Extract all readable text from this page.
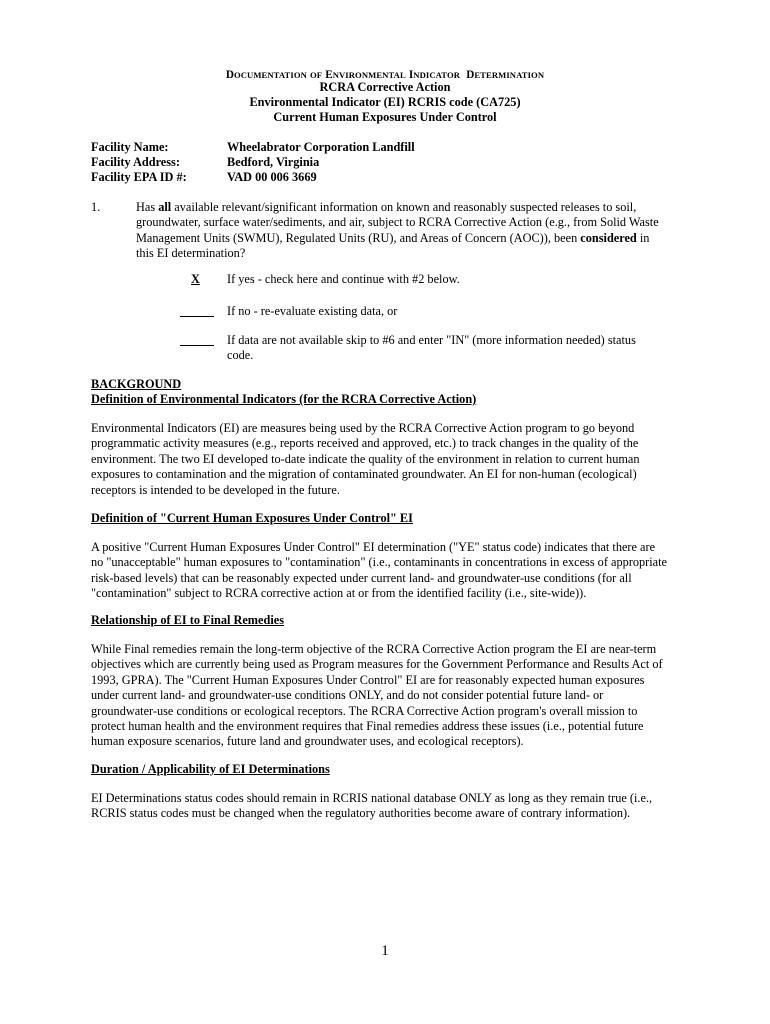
DOCUMENTATION OF ENVIRONMENTAL INDICATOR DETERMINATION
RCRA Corrective Action
Environmental Indicator (EI) RCRIS code (CA725)
Current Human Exposures Under Control
Facility Name:	Wheelabrator Corporation Landfill
Facility Address:	Bedford, Virginia
Facility EPA ID #:	VAD 00 006 3669
1.	Has all available relevant/significant information on known and reasonably suspected releases to soil,
groundwater, surface water/sediments, and air, subject to RCRA Corrective Action (e.g., from Solid Waste
Management Units (SWMU), Regulated Units (RU), and Areas of Concern (AOC)), been considered in
this EI determination?
X If yes - check here and continue with #2 below.
If no - re-evaluate existing data, or
If data are not available skip to #6 and enter "IN" (more information needed) status
code.
BACKGROUND
Definition of Environmental Indicators (for the RCRA Corrective Action)
Environmental Indicators (EI) are measures being used by the RCRA Corrective Action program to go beyond
programmatic activity measures (e.g., reports received and approved, etc.) to track changes in the quality of the
environment. The two EI developed to-date indicate the quality of the environment in relation to current human
exposures to contamination and the migration of contaminated groundwater. An EI for non-human (ecological)
receptors is intended to be developed in the future.
Definition of "Current Human Exposures Under Control" EI
A positive "Current Human Exposures Under Control" EI determination ("YE" status code) indicates that there are
no "unacceptable" human exposures to "contamination" (i.e., contaminants in concentrations in excess of appropriate
risk-based levels) that can be reasonably expected under current land- and groundwater-use conditions (for all
"contamination" subject to RCRA corrective action at or from the identified facility (i.e., site-wide)).
Relationship of EI to Final Remedies
While Final remedies remain the long-term objective of the RCRA Corrective Action program the EI are near-term
objectives which are currently being used as Program measures for the Government Performance and Results Act of
1993, GPRA). The "Current Human Exposures Under Control" EI are for reasonably expected human exposures
under current land- and groundwater-use conditions ONLY, and do not consider potential future land- or
groundwater-use conditions or ecological receptors. The RCRA Corrective Action program's overall mission to
protect human health and the environment requires that Final remedies address these issues (i.e., potential future
human exposure scenarios, future land and groundwater uses, and ecological receptors).
Duration / Applicability of EI Determinations
EI Determinations status codes should remain in RCRIS national database ONLY as long as they remain true (i.e.,
RCRIS status codes must be changed when the regulatory authorities become aware of contrary information).
1
